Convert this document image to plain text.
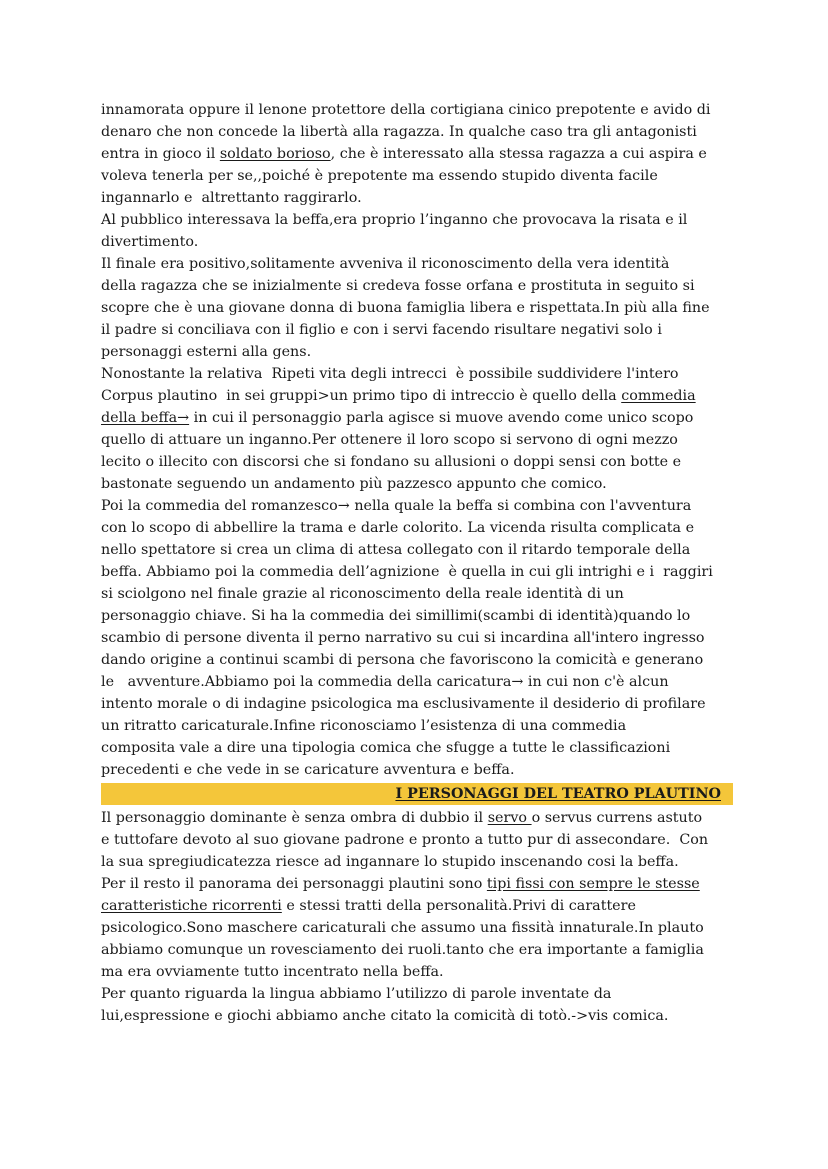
innamorata oppure il lenone protettore della cortigiana cinico prepotente e avido di
denaro che non concede la libertà alla ragazza. In qualche caso tra gli antagonisti
entra in gioco il soldato borioso, che è interessato alla stessa ragazza a cui aspira e
voleva tenerla per se,,poiché è prepotente ma essendo stupido diventa facile
ingannarlo e  altrettanto raggirarlo.
Al pubblico interessava la beffa,era proprio l’inganno che provocava la risata e il
divertimento.
Il finale era positivo,solitamente avveniva il riconoscimento della vera identità
della ragazza che se inizialmente si credeva fosse orfana e prostituta in seguito si
scopre che è una giovane donna di buona famiglia libera e rispettata.In più alla fine
il padre si conciliava con il figlio e con i servi facendo risultare negativi solo i
personaggi esterni alla gens.
Nonostante la relativa  Ripeti vita degli intrecci  è possibile suddividere l'intero
Corpus plautino  in sei gruppi>un primo tipo di intreccio è quello della commedia
della beffa→ in cui il personaggio parla agisce si muove avendo come unico scopo
quello di attuare un inganno.Per ottenere il loro scopo si servono di ogni mezzo
lecito o illecito con discorsi che si fondano su allusioni o doppi sensi con botte e
bastonate seguendo un andamento più pazzesco appunto che comico.
Poi la commedia del romanzesco→ nella quale la beffa si combina con l'avventura
con lo scopo di abbellire la trama e darle colorito. La vicenda risulta complicata e
nello spettatore si crea un clima di attesa collegato con il ritardo temporale della
beffa. Abbiamo poi la commedia dell’agnizione  è quella in cui gli intrighi e i  raggiri
si sciolgono nel finale grazie al riconoscimento della reale identità di un
personaggio chiave. Si ha la commedia dei simillimi(scambi di identità)quando lo
scambio di persone diventa il perno narrativo su cui si incardina all'intero ingresso
dando origine a continui scambi di persona che favoriscono la comicità e generano
le   avventure.Abbiamo poi la commedia della caricatura→ in cui non c'è alcun
intento morale o di indagine psicologica ma esclusivamente il desiderio di profilare
un ritratto caricaturale.Infine riconosciamo l’esistenza di una commedia
composita vale a dire una tipologia comica che sfugge a tutte le classificazioni
precedenti e che vede in se caricature avventura e beffa.
I PERSONAGGI DEL TEATRO PLAUTINO
Il personaggio dominante è senza ombra di dubbio il servo o servus currens astuto
e tuttofare devoto al suo giovane padrone e pronto a tutto pur di assecondare.  Con
la sua spregiudicatezza riesce ad ingannare lo stupido inscenando cosi la beffa.
Per il resto il panorama dei personaggi plautini sono tipi fissi con sempre le stesse
caratteristiche ricorrenti e stessi tratti della personalità.Privi di carattere
psicologico.Sono maschere caricaturali che assumo una fissità innaturale.In plauto
abbiamo comunque un rovesciamento dei ruoli.tanto che era importante a famiglia
ma era ovviamente tutto incentrato nella beffa.
Per quanto riguarda la lingua abbiamo l’utilizzo di parole inventate da
lui,espressione e giochi abbiamo anche citato la comicità di totò.->vis comica.
